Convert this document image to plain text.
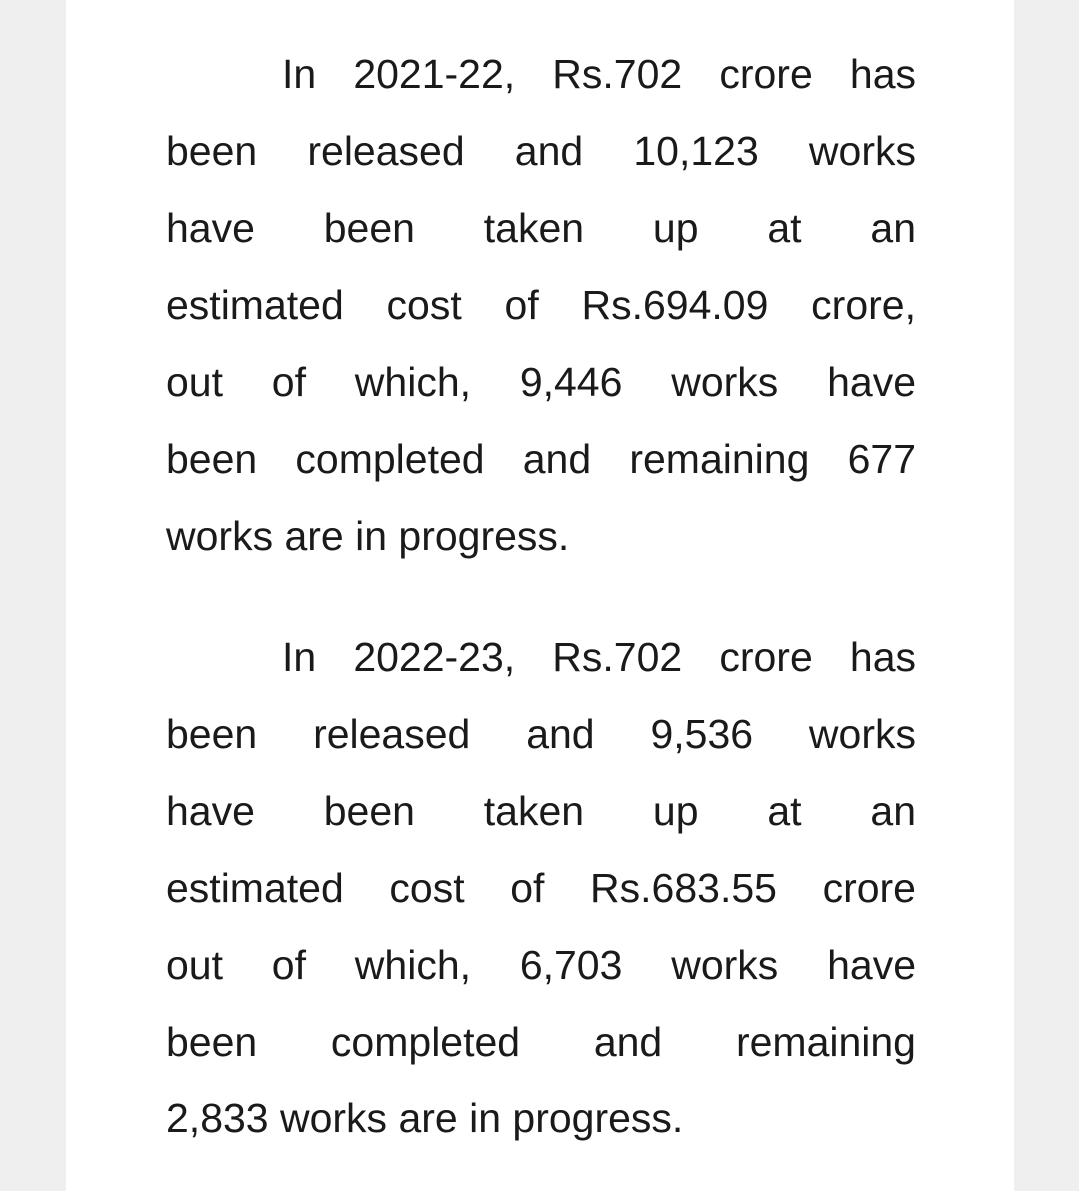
In 2021-22, Rs.702 crore has
been released and 10,123 works
have been taken up at an
estimated cost of Rs.694.09 crore,
out of which, 9,446 works have
been completed and remaining 677
works are in progress.
In 2022-23, Rs.702 crore has
been released and 9,536 works
have been taken up at an
estimated cost of Rs.683.55 crore
out of which, 6,703 works have
been completed and remaining
2,833 works are in progress.
